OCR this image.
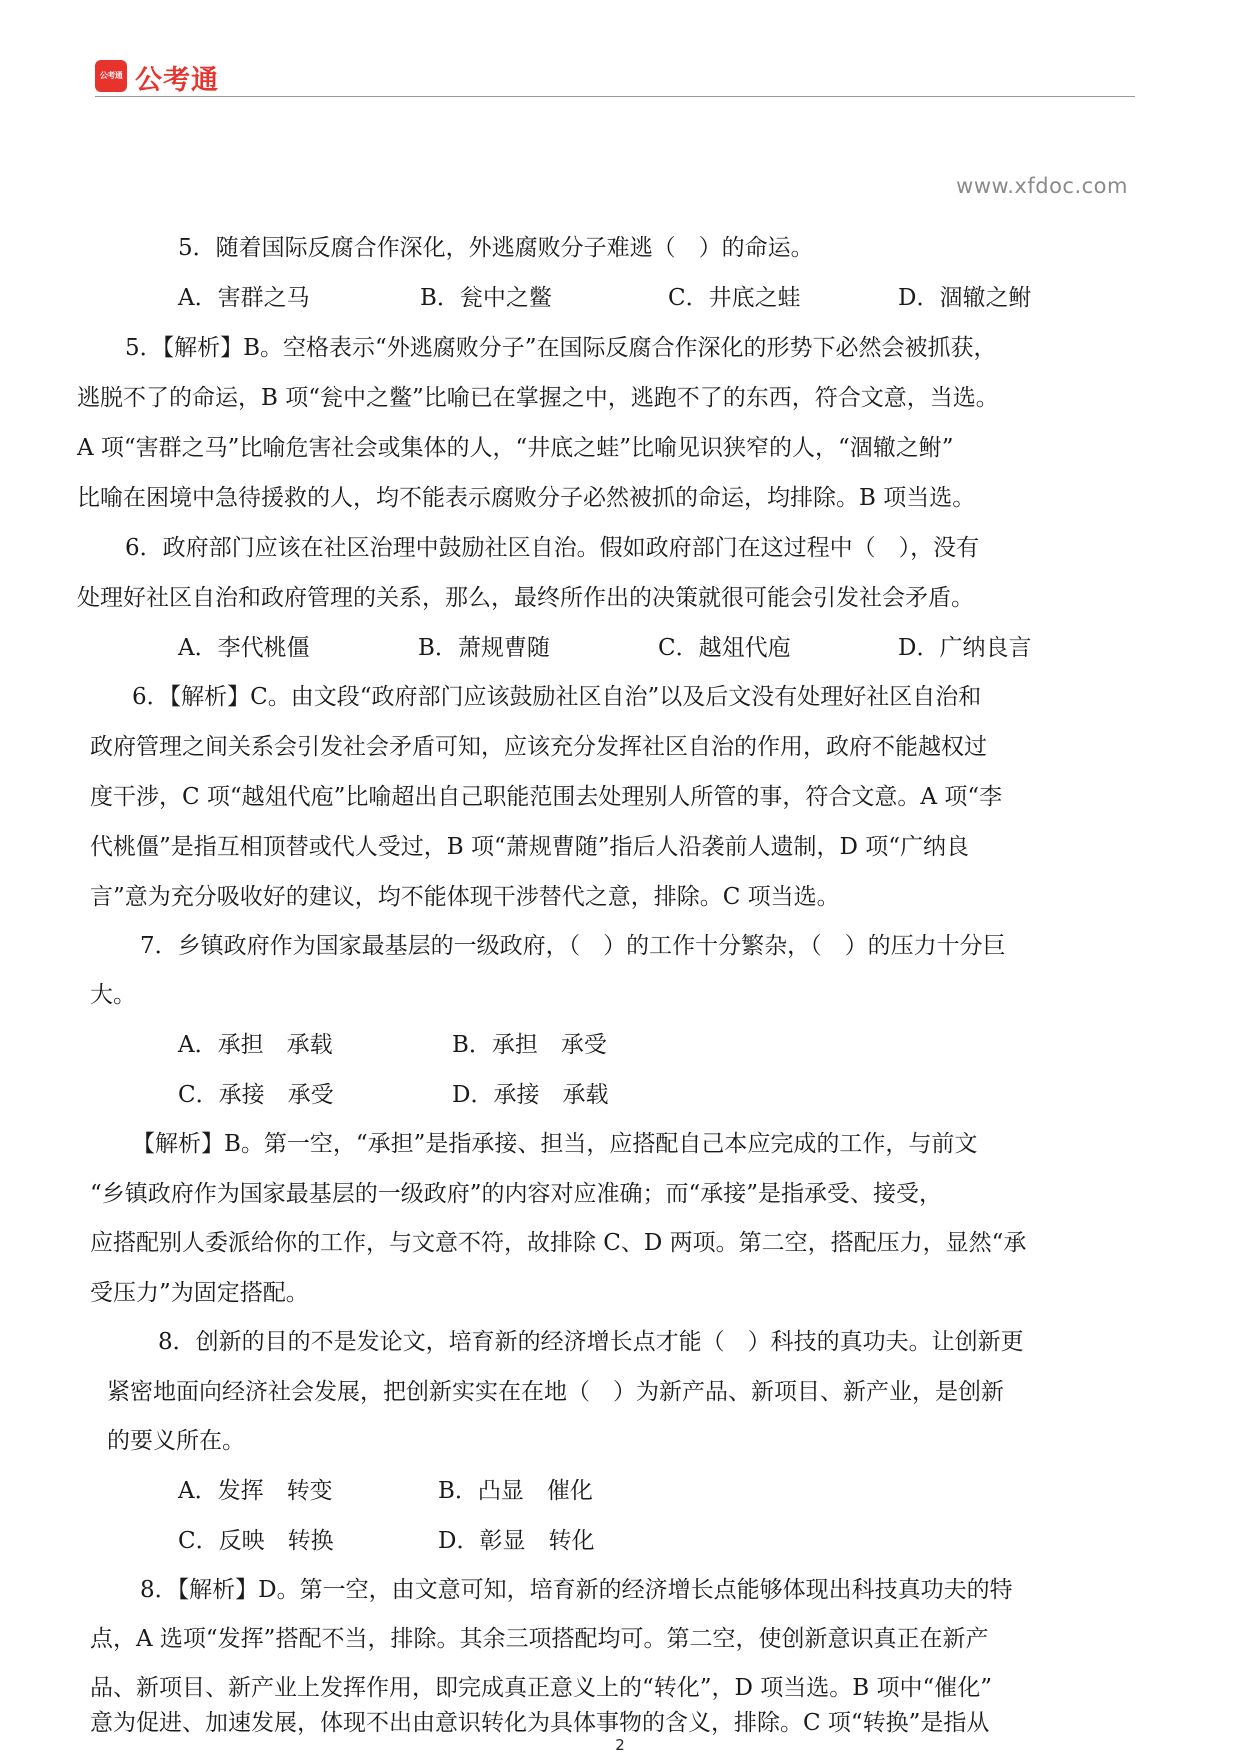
公考通 公考通
www.xfdoc.com
5．随着国际反腐合作深化，外逃腐败分子难逃（　）的命运。
A．害群之马	B．瓮中之鳖	C．井底之蛙	D．涸辙之鲋
5．【解析】B。空格表示“外逃腐败分子”在国际反腐合作深化的形势下必然会被抓获，
逃脱不了的命运，B 项“瓮中之鳖”比喻已在掌握之中，逃跑不了的东西，符合文意，当选。
A 项“害群之马”比喻危害社会或集体的人，“井底之蛙”比喻见识狭窄的人，“涸辙之鲋”
比喻在困境中急待援救的人，均不能表示腐败分子必然被抓的命运，均排除。B 项当选。
6．政府部门应该在社区治理中鼓励社区自治。假如政府部门在这过程中（　），没有
处理好社区自治和政府管理的关系，那么，最终所作出的决策就很可能会引发社会矛盾。
A．李代桃僵	B．萧规曹随	C．越俎代庖	D．广纳良言
6．【解析】C。由文段“政府部门应该鼓励社区自治”以及后文没有处理好社区自治和
政府管理之间关系会引发社会矛盾可知，应该充分发挥社区自治的作用，政府不能越权过
度干涉，C 项“越俎代庖”比喻超出自己职能范围去处理别人所管的事，符合文意。A 项“李
代桃僵”是指互相顶替或代人受过，B 项“萧规曹随”指后人沿袭前人遗制，D 项“广纳良
言”意为充分吸收好的建议，均不能体现干涉替代之意，排除。C 项当选。
7．乡镇政府作为国家最基层的一级政府，（　）的工作十分繁杂，（　）的压力十分巨
大。
A．承担　承载	B．承担　承受
C．承接　承受	D．承接　承载
【解析】B。第一空，“承担”是指承接、担当，应搭配自己本应完成的工作，与前文
“乡镇政府作为国家最基层的一级政府”的内容对应准确；而“承接”是指承受、接受，
应搭配别人委派给你的工作，与文意不符，故排除 C、D 两项。第二空，搭配压力，显然“承
受压力”为固定搭配。
8．创新的目的不是发论文，培育新的经济增长点才能（　）科技的真功夫。让创新更
紧密地面向经济社会发展，把创新实实在在地（　）为新产品、新项目、新产业，是创新
的要义所在。
A．发挥　转变	B．凸显　催化
C．反映　转换	D．彰显　转化
8．【解析】D。第一空，由文意可知，培育新的经济增长点能够体现出科技真功夫的特
点，A 选项“发挥”搭配不当，排除。其余三项搭配均可。第二空，使创新意识真正在新产
品、新项目、新产业上发挥作用，即完成真正意义上的“转化”，D 项当选。B 项中“催化”
意为促进、加速发展，体现不出由意识转化为具体事物的含义，排除。C 项“转换”是指从
2
